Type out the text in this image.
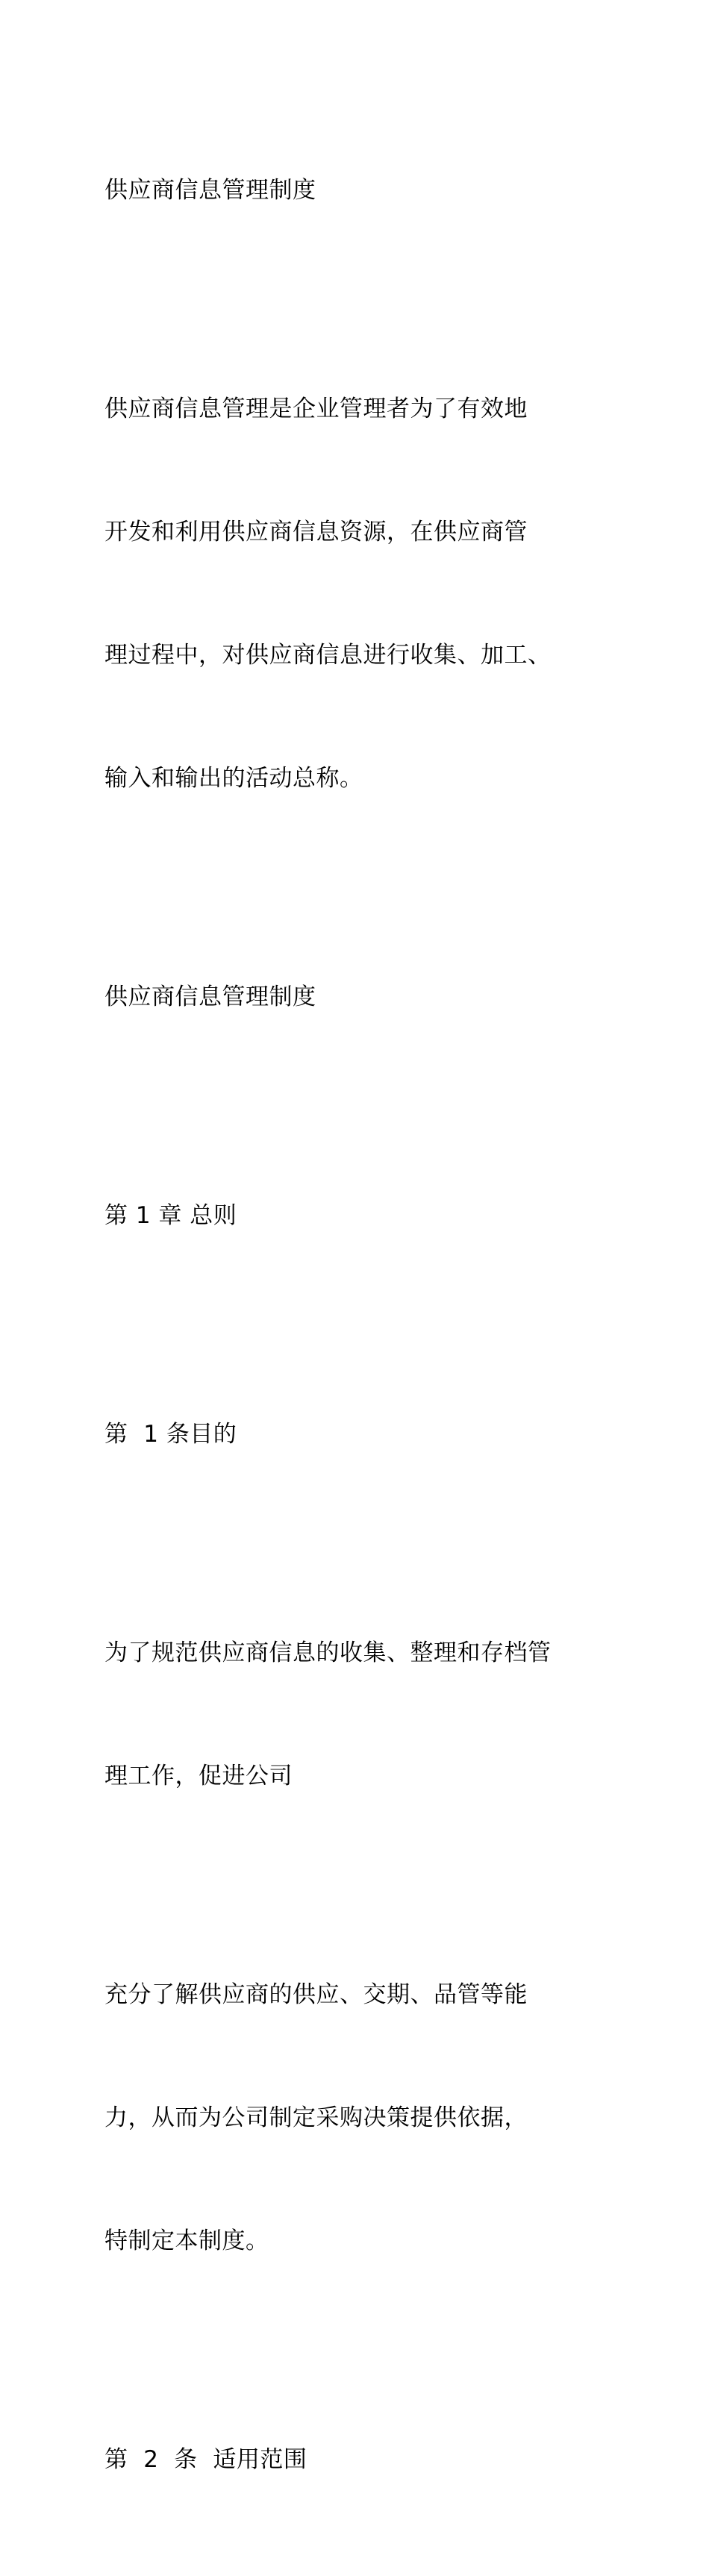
供应商信息管理制度

供应商信息管理是企业管理者为了有效地

开发和利用供应商信息资源，在供应商管

理过程中，对供应商信息进行收集、加工、

输入和输出的活动总称。

供应商信息管理制度

第 1 章 总则

第  1 条目的

为了规范供应商信息的收集、整理和存档管

理工作，促进公司

充分了解供应商的供应、交期、品管等能

力，从而为公司制定采购决策提供依据，

特制定本制度。

第  2  条  适用范围
